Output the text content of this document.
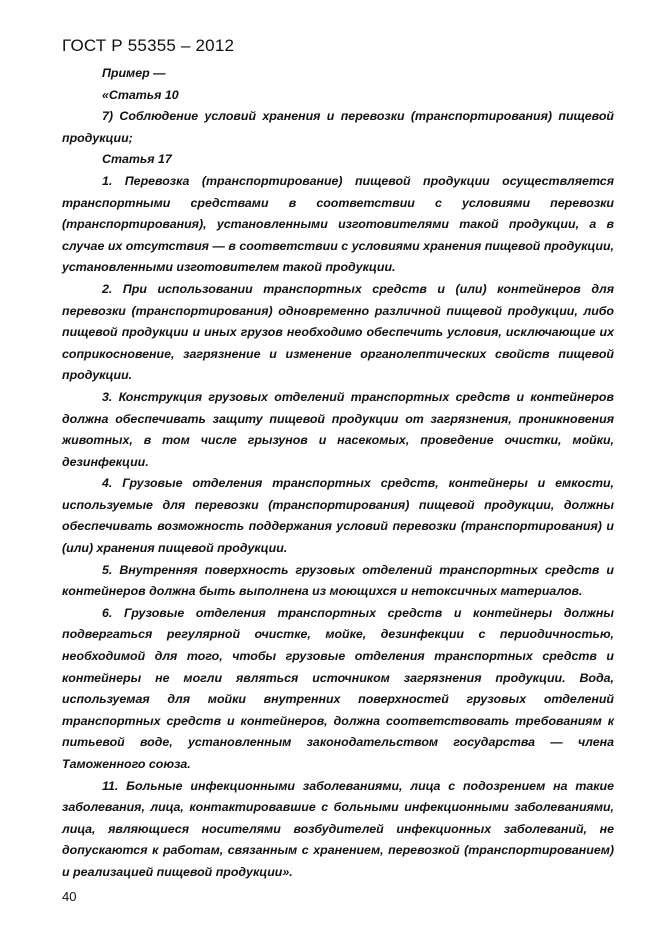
ГОСТ Р 55355 – 2012

Пример —

«Статья 10

7) Соблюдение условий хранения и перевозки (транспортирования) пищевой продукции;

Статья 17

1. Перевозка (транспортирование) пищевой продукции осуществляется транспортными средствами в соответствии с условиями перевозки (транспортирования), установленными изготовителями такой продукции, а в случае их отсутствия — в соответствии с условиями хранения пищевой продукции, установленными изготовителем такой продукции.

2. При использовании транспортных средств и (или) контейнеров для перевозки (транспортирования) одновременно различной пищевой продукции, либо пищевой продукции и иных грузов необходимо обеспечить условия, исключающие их соприкосновение, загрязнение и изменение органолептических свойств пищевой продукции.

3. Конструкция грузовых отделений транспортных средств и контейнеров должна обеспечивать защиту пищевой продукции от загрязнения, проникновения животных, в том числе грызунов и насекомых, проведение очистки, мойки, дезинфекции.

4. Грузовые отделения транспортных средств, контейнеры и емкости, используемые для перевозки (транспортирования) пищевой продукции, должны обеспечивать возможность поддержания условий перевозки (транспортирования) и (или) хранения пищевой продукции.

5. Внутренняя поверхность грузовых отделений транспортных средств и контейнеров должна быть выполнена из моющихся и нетоксичных материалов.

6. Грузовые отделения транспортных средств и контейнеры должны подвергаться регулярной очистке, мойке, дезинфекции с периодичностью, необходимой для того, чтобы грузовые отделения транспортных средств и контейнеры не могли являться источником загрязнения продукции. Вода, используемая для мойки внутренних поверхностей грузовых отделений транспортных средств и контейнеров, должна соответствовать требованиям к питьевой воде, установленным законодательством государства — члена Таможенного союза.

11. Больные инфекционными заболеваниями, лица с подозрением на такие заболевания, лица, контактировавшие с больными инфекционными заболеваниями, лица, являющиеся носителями возбудителей инфекционных заболеваний, не допускаются к работам, связанным с хранением, перевозкой (транспортированием) и реализацией пищевой продукции».

40
